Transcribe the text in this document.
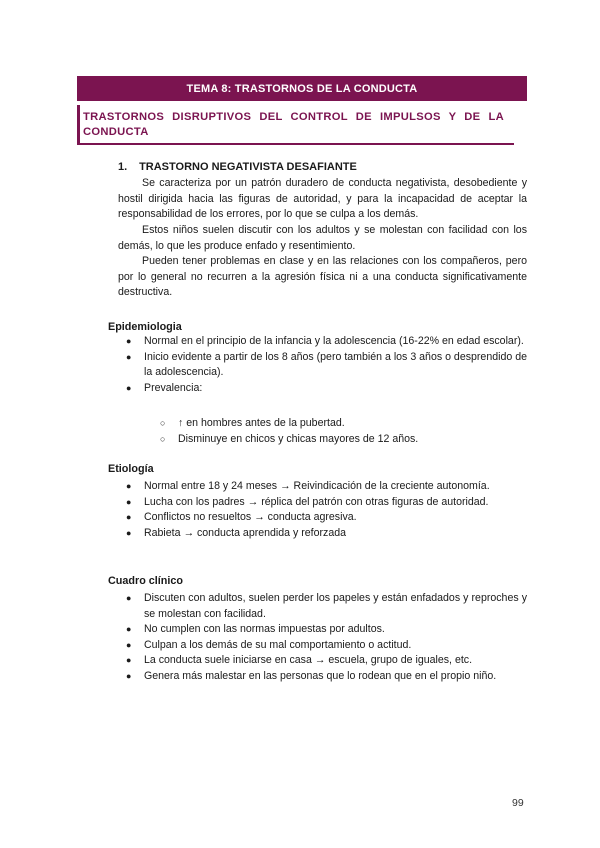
TEMA 8: TRASTORNOS DE LA CONDUCTA
TRASTORNOS DISRUPTIVOS DEL CONTROL DE IMPULSOS Y DE LA CONDUCTA
1. TRASTORNO NEGATIVISTA DESAFIANTE

Se caracteriza por un patrón duradero de conducta negativista, desobediente y hostil dirigida hacia las figuras de autoridad, y para la incapacidad de aceptar la responsabilidad de los errores, por lo que se culpa a los demás.

Estos niños suelen discutir con los adultos y se molestan con facilidad con los demás, lo que les produce enfado y resentimiento.

Pueden tener problemas en clase y en las relaciones con los compañeros, pero por lo general no recurren a la agresión física ni a una conducta significativamente destructiva.

Epidemiologia
● Normal en el principio de la infancia y la adolescencia (16-22% en edad escolar).
● Inicio evidente a partir de los 8 años (pero también a los 3 años o desprendido de la adolescencia).
● Prevalencia:
○ ↑ en hombres antes de la pubertad.
○ Disminuye en chicos y chicas mayores de 12 años.
Etiología
● Normal entre 18 y 24 meses → Reivindicación de la creciente autonomía.
● Lucha con los padres → réplica del patrón con otras figuras de autoridad.
● Conflictos no resueltos → conducta agresiva.
● Rabieta → conducta aprendida y reforzada
Cuadro clínico
● Discuten con adultos, suelen perder los papeles y están enfadados y reproches y se molestan con facilidad.
● No cumplen con las normas impuestas por adultos.
● Culpan a los demás de su mal comportamiento o actitud.
● La conducta suele iniciarse en casa → escuela, grupo de iguales, etc.
● Genera más malestar en las personas que lo rodean que en el propio niño.
99
